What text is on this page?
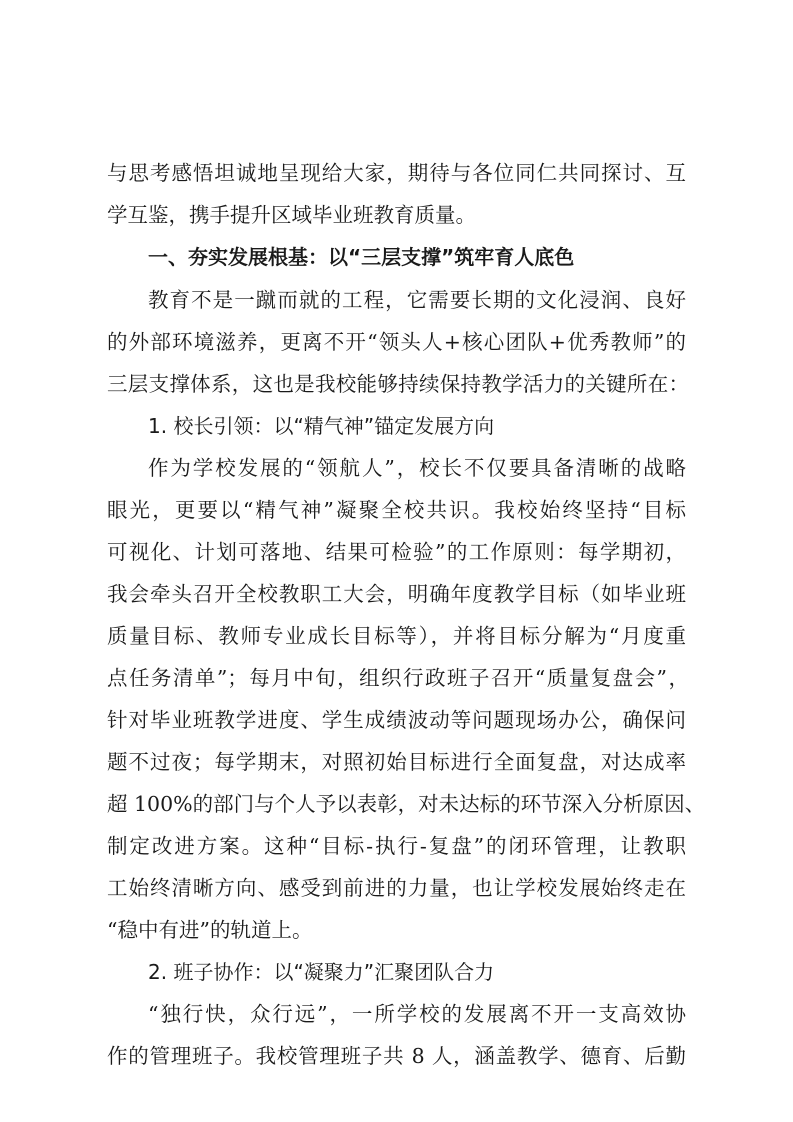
与思考感悟坦诚地呈现给大家，期待与各位同仁共同探讨、互
学互鉴，携手提升区域毕业班教育质量。
一、夯实发展根基：以“三层支撑”筑牢育人底色
教育不是一蹴而就的工程，它需要长期的文化浸润、良好
的外部环境滋养，更离不开“领头人+核心团队+优秀教师”的
三层支撑体系，这也是我校能够持续保持教学活力的关键所在：
1. 校长引领：以“精气神”锚定发展方向
作为学校发展的“领航人”，校长不仅要具备清晰的战略
眼光，更要以“精气神”凝聚全校共识。我校始终坚持“目标
可视化、计划可落地、结果可检验”的工作原则：每学期初，
我会牵头召开全校教职工大会，明确年度教学目标（如毕业班
质量目标、教师专业成长目标等），并将目标分解为“月度重
点任务清单”；每月中旬，组织行政班子召开“质量复盘会”，
针对毕业班教学进度、学生成绩波动等问题现场办公，确保问
题不过夜；每学期末，对照初始目标进行全面复盘，对达成率
超 100%的部门与个人予以表彰，对未达标的环节深入分析原因、
制定改进方案。这种“目标-执行-复盘”的闭环管理，让教职
工始终清晰方向、感受到前进的力量，也让学校发展始终走在
“稳中有进”的轨道上。
2. 班子协作：以“凝聚力”汇聚团队合力
“独行快，众行远”，一所学校的发展离不开一支高效协
作的管理班子。我校管理班子共 8 人，涵盖教学、德育、后勤
